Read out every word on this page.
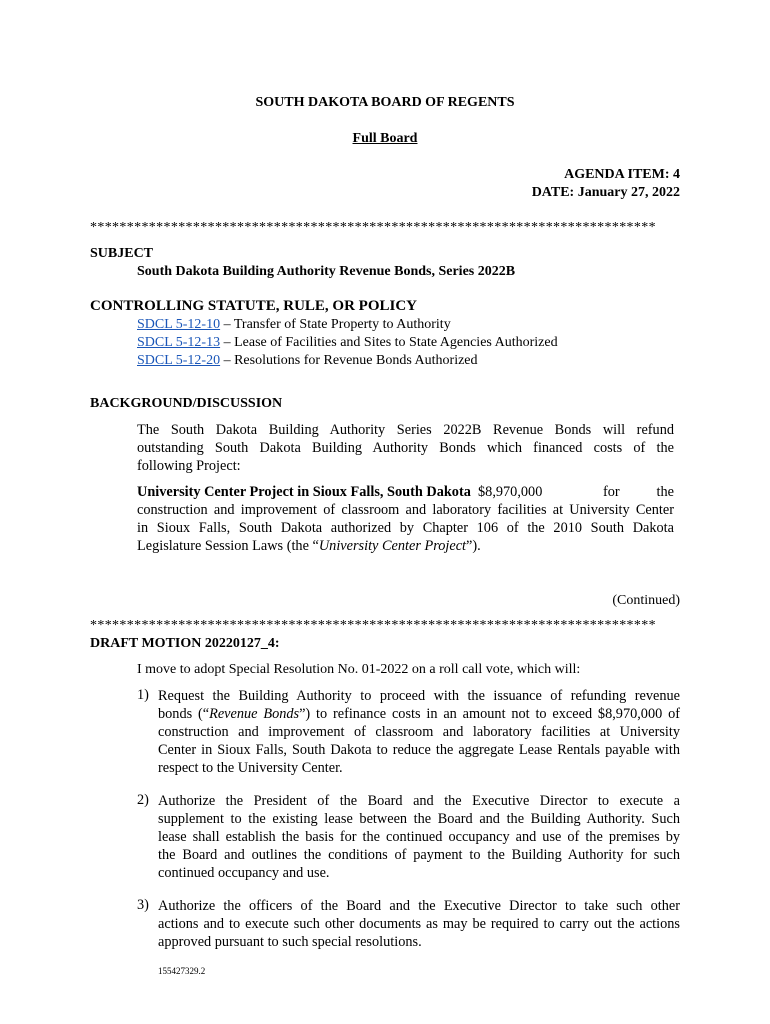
SOUTH DAKOTA BOARD OF REGENTS
Full Board
AGENDA ITEM: 4
DATE: January 27, 2022
*****************************************************************************
SUBJECT
South Dakota Building Authority Revenue Bonds, Series 2022B
CONTROLLING STATUTE, RULE, OR POLICY
SDCL 5-12-10 – Transfer of State Property to Authority
SDCL 5-12-13 – Lease of Facilities and Sites to State Agencies Authorized
SDCL 5-12-20 – Resolutions for Revenue Bonds Authorized
BACKGROUND/DISCUSSION
The South Dakota Building Authority Series 2022B Revenue Bonds will refund
outstanding South Dakota Building Authority Bonds which financed costs of the
following Project:
University Center Project in Sioux Falls, South Dakota $8,970,000	for	the
construction and improvement of classroom and laboratory facilities at University Center
in Sioux Falls, South Dakota authorized by Chapter 106 of the 2010 South Dakota
Legislature Session Laws (the “University Center Project”).
(Continued)
*****************************************************************************
DRAFT MOTION 20220127_4:
I move to adopt Special Resolution No. 01-2022 on a roll call vote, which will:
1) Request the Building Authority to proceed with the issuance of refunding revenue
bonds (“Revenue Bonds”) to refinance costs in an amount not to exceed $8,970,000 of
construction and improvement of classroom and laboratory facilities at University
Center in Sioux Falls, South Dakota to reduce the aggregate Lease Rentals payable with
respect to the University Center.
2) Authorize the President of the Board and the Executive Director to execute a
supplement to the existing lease between the Board and the Building Authority. Such
lease shall establish the basis for the continued occupancy and use of the premises by
the Board and outlines the conditions of payment to the Building Authority for such
continued occupancy and use.
3) Authorize the officers of the Board and the Executive Director to take such other
actions and to execute such other documents as may be required to carry out the actions
approved pursuant to such special resolutions.
155427329.2
